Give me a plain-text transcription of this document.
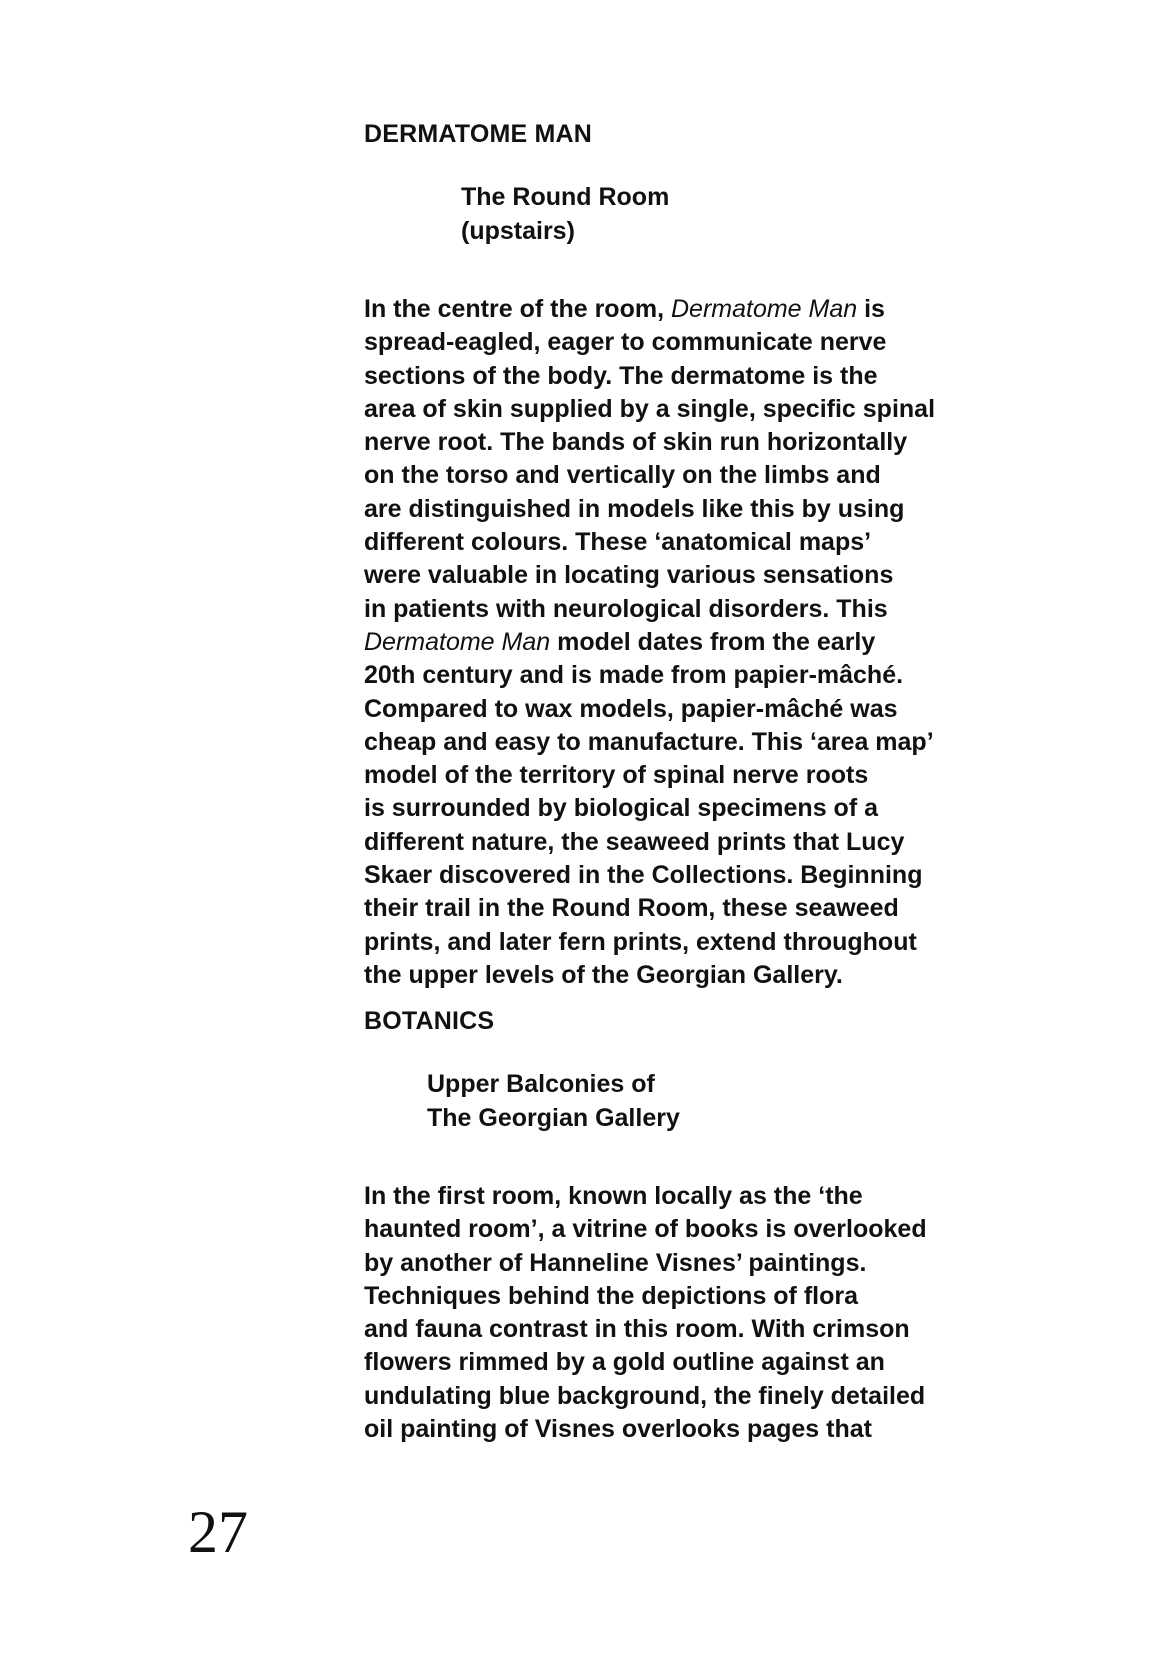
DERMATOME MAN
The Round Room
(upstairs)

In the centre of the room, Dermatome Man is
spread-eagled, eager to communicate nerve
sections of the body. The dermatome is the
area of skin supplied by a single, specific spinal
nerve root. The bands of skin run horizontally
on the torso and vertically on the limbs and
are distinguished in models like this by using
different colours. These ‘anatomical maps’
were valuable in locating various sensations
in patients with neurological disorders. This
Dermatome Man model dates from the early
20th century and is made from papier-mâché.
Compared to wax models, papier-mâché was
cheap and easy to manufacture. This ‘area map’
model of the territory of spinal nerve roots
is surrounded by biological specimens of a
different nature, the seaweed prints that Lucy
Skaer discovered in the Collections. Beginning
their trail in the Round Room, these seaweed
prints, and later fern prints, extend throughout
the upper levels of the Georgian Gallery.

BOTANICS
Upper Balconies of
The Georgian Gallery

In the first room, known locally as the ‘the
haunted room’, a vitrine of books is overlooked
by another of Hanneline Visnes’ paintings.
Techniques behind the depictions of flora
and fauna contrast in this room. With crimson
flowers rimmed by a gold outline against an
undulating blue background, the finely detailed
oil painting of Visnes overlooks pages that

27
